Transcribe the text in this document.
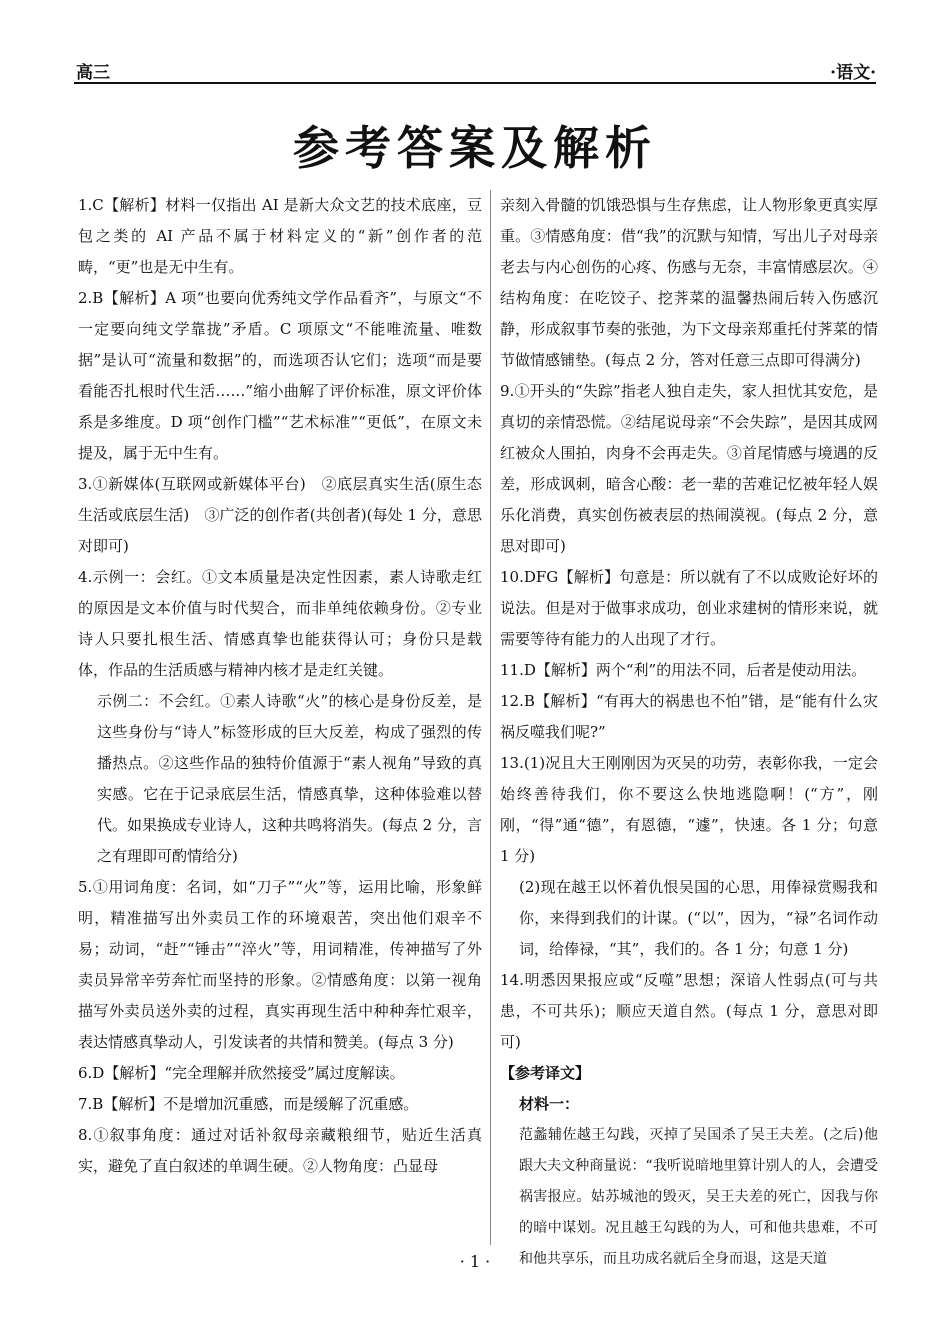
高三	·语文·
参考答案及解析
1.C【解析】材料一仅指出 AI 是新大众文艺的技术底座，豆包之类的 AI 产品不属于材料定义的“新”创作者的范畴，“更”也是无中生有。
2.B【解析】A 项“也要向优秀纯文学作品看齐”，与原文“不一定要向纯文学靠拢”矛盾。C 项原文“不能唯流量、唯数据”是认可“流量和数据”的，而选项否认它们；选项“而是要看能否扎根时代生活……”缩小曲解了评价标准，原文评价体系是多维度。D 项“创作门槛”“艺术标准”“更低”，在原文未提及，属于无中生有。
3.①新媒体(互联网或新媒体平台)　②底层真实生活(原生态生活或底层生活)　③广泛的创作者(共创者)(每处 1 分，意思对即可)
4.示例一：会红。①文本质量是决定性因素，素人诗歌走红的原因是文本价值与时代契合，而非单纯依赖身份。②专业诗人只要扎根生活、情感真挚也能获得认可；身份只是载体，作品的生活质感与精神内核才是走红关键。
示例二：不会红。①素人诗歌“火”的核心是身份反差，是这些身份与“诗人”标签形成的巨大反差，构成了强烈的传播热点。②这些作品的独特价值源于“素人视角”导致的真实感。它在于记录底层生活，情感真挚，这种体验难以替代。如果换成专业诗人，这种共鸣将消失。(每点 2 分，言之有理即可酌情给分)
5.①用词角度：名词，如“刀子”“火”等，运用比喻，形象鲜明，精准描写出外卖员工作的环境艰苦，突出他们艰辛不易；动词，“赶”“锤击”“淬火”等，用词精准，传神描写了外卖员异常辛劳奔忙而坚持的形象。②情感角度：以第一视角描写外卖员送外卖的过程，真实再现生活中种种奔忙艰辛，表达情感真挚动人，引发读者的共情和赞美。(每点 3 分)
6.D【解析】“完全理解并欣然接受”属过度解读。
7.B【解析】不是增加沉重感，而是缓解了沉重感。
8.①叙事角度：通过对话补叙母亲藏粮细节，贴近生活真实，避免了直白叙述的单调生硬。②人物角度：凸显母
亲刻入骨髓的饥饿恐惧与生存焦虑，让人物形象更真实厚重。③情感角度：借“我”的沉默与知情，写出儿子对母亲老去与内心创伤的心疼、伤感与无奈，丰富情感层次。④结构角度：在吃饺子、挖荠菜的温馨热闹后转入伤感沉静，形成叙事节奏的张弛，为下文母亲郑重托付荠菜的情节做情感铺垫。(每点 2 分，答对任意三点即可得满分)
9.①开头的“失踪”指老人独自走失，家人担忧其安危，是真切的亲情恐慌。②结尾说母亲“不会失踪”，是因其成网红被众人围拍，肉身不会再走失。③首尾情感与境遇的反差，形成讽刺，暗含心酸：老一辈的苦难记忆被年轻人娱乐化消费，真实创伤被表层的热闹漠视。(每点 2 分，意思对即可)
10.DFG【解析】句意是：所以就有了不以成败论好坏的说法。但是对于做事求成功，创业求建树的情形来说，就需要等待有能力的人出现了才行。
11.D【解析】两个“利”的用法不同，后者是使动用法。
12.B【解析】“有再大的祸患也不怕”错，是“能有什么灾祸反噬我们呢?”
13.(1)况且大王刚刚因为灭吴的功劳，表彰你我，一定会始终善待我们，你不要这么快地逃隐啊！(“方”，刚刚，“得”通“德”，有恩德，“遽”，快速。各 1 分；句意 1 分)
(2)现在越王以怀着仇恨吴国的心思，用俸禄赏赐我和你，来得到我们的计谋。(“以”，因为，“禄”名词作动词，给俸禄，“其”，我们的。各 1 分；句意 1 分)
14.明悉因果报应或“反噬”思想；深谙人性弱点(可与共患，不可共乐)；顺应天道自然。(每点 1 分，意思对即可)
【参考译文】
材料一：
范蠡辅佐越王勾践，灭掉了吴国杀了吴王夫差。(之后)他跟大夫文种商量说：“我听说暗地里算计别人的人，会遭受祸害报应。姑苏城池的毁灭，吴王夫差的死亡，因我与你的暗中谋划。况且越王勾践的为人，可和他共患难，不可和他共享乐，而且功成名就后全身而退，这是天道
· 1 ·
